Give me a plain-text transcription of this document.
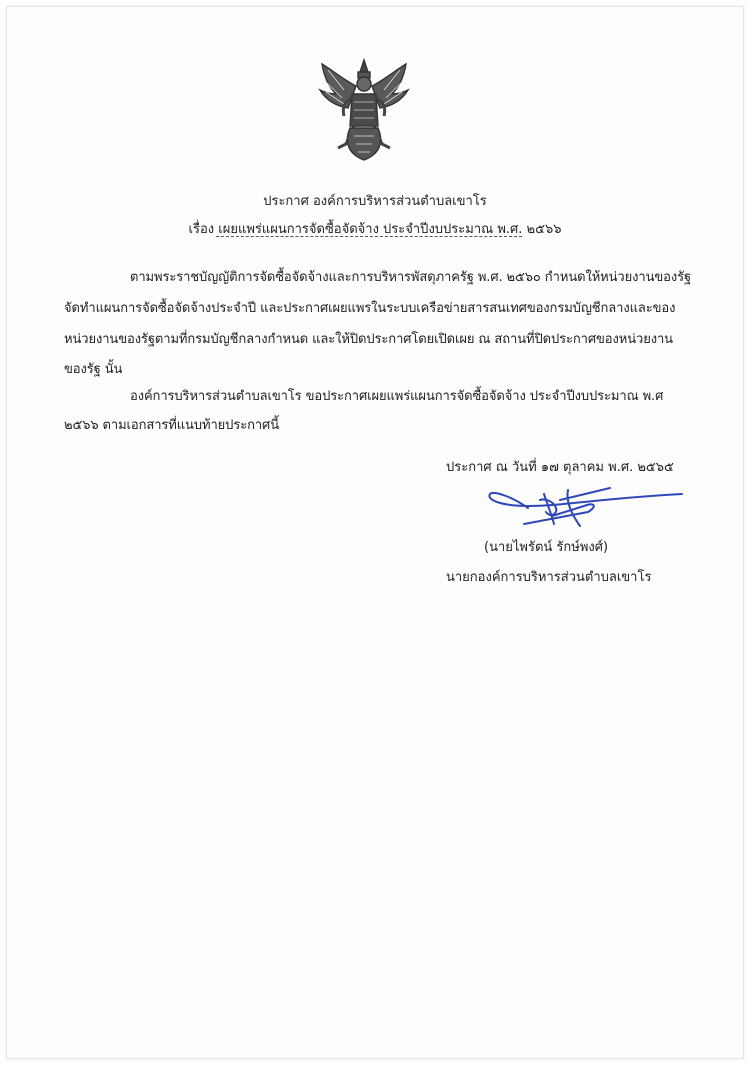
ประกาศ องค์การบริหารส่วนตำบลเขาโร
เรื่อง เผยแพร่แผนการจัดซื้อจัดจ้าง ประจำปีงบประมาณ พ.ศ. ๒๕๖๖
ตามพระราชบัญญัติการจัดซื้อจัดจ้างและการบริหารพัสดุภาครัฐ พ.ศ. ๒๕๖๐ กำหนดให้หน่วยงานของรัฐ
จัดทำแผนการจัดซื้อจัดจ้างประจำปี และประกาศเผยแพรในระบบเครือข่ายสารสนเทศของกรมบัญชีกลางและของ
หน่วยงานของรัฐตามที่กรมบัญชีกลางกำหนด และให้ปิดประกาศโดยเปิดเผย ณ สถานที่ปิดประกาศของหน่วยงาน
ของรัฐ นั้น
องค์การบริหารส่วนตำบลเขาโร ขอประกาศเผยแพร่แผนการจัดซื้อจัดจ้าง ประจำปีงบประมาณ พ.ศ
๒๕๖๖ ตามเอกสารที่แนบท้ายประกาศนี้
ประกาศ ณ วันที่ ๑๗ ตุลาคม พ.ศ. ๒๕๖๕
(นายไพรัตน์ รักษ์พงศ์)
นายกองค์การบริหารส่วนตำบลเขาโร
